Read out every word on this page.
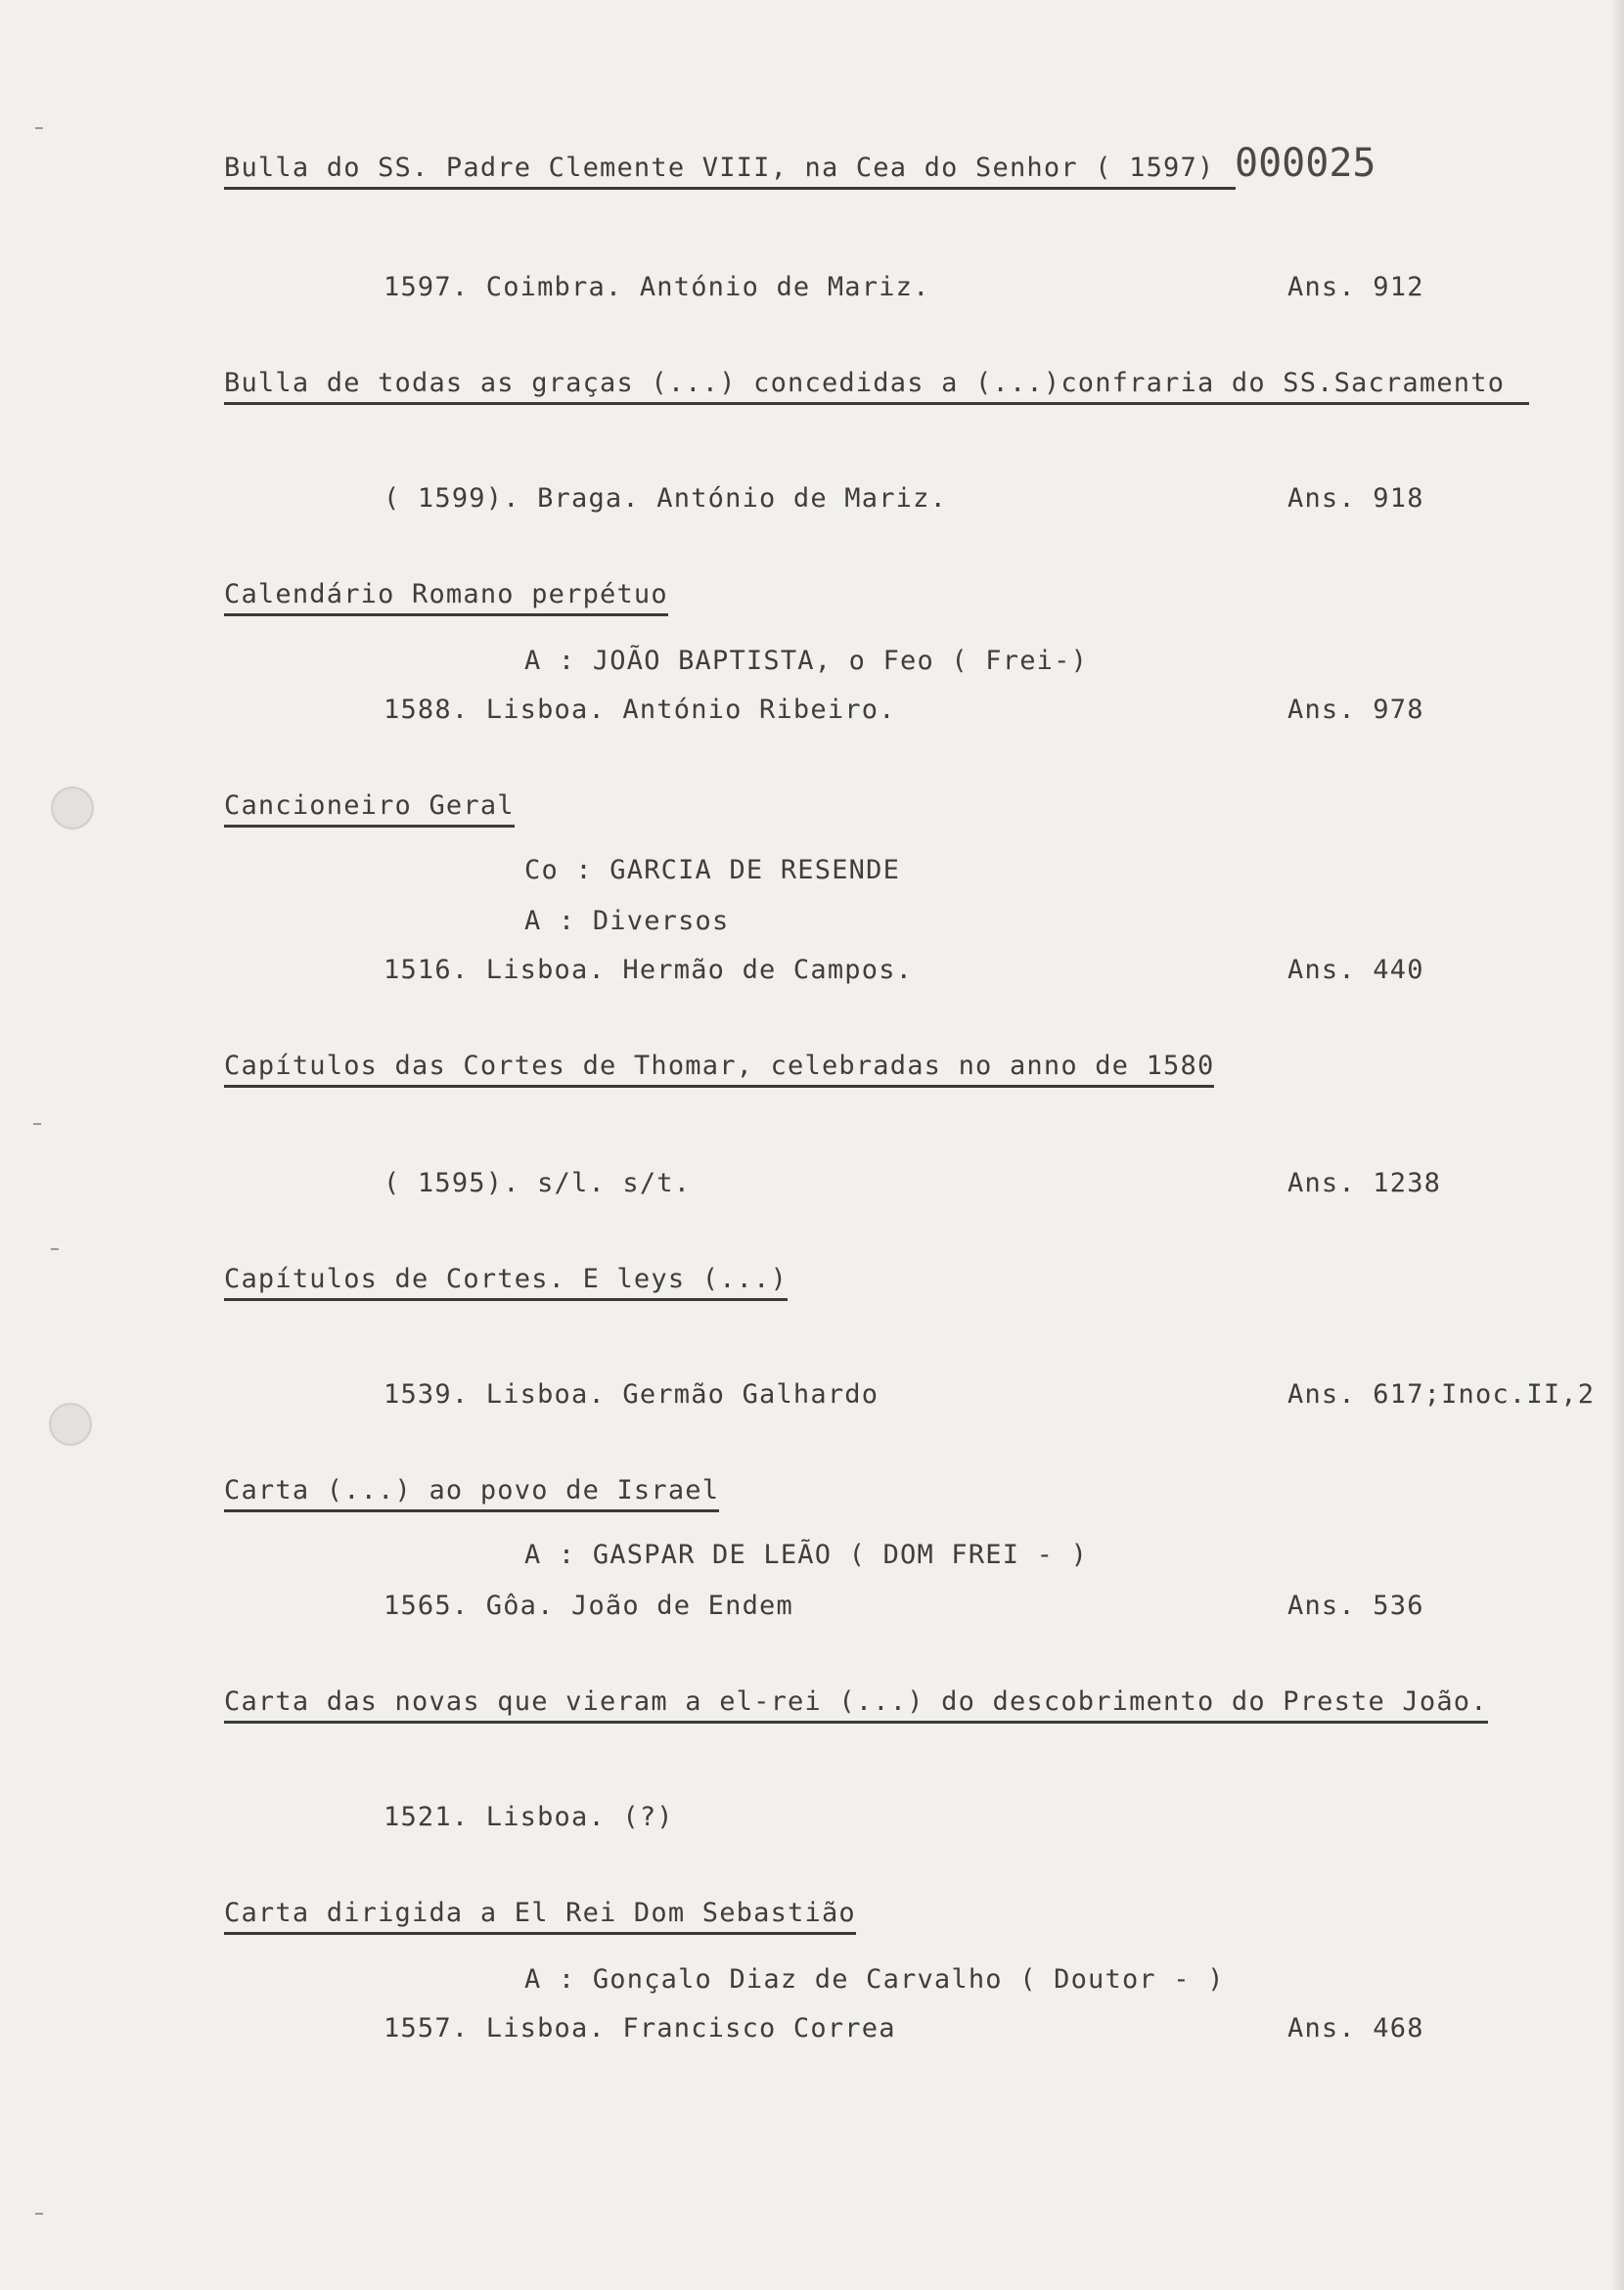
000025
Bulla do SS. Padre Clemente VIII, na Cea do Senhor ( 1597)
1597. Coimbra. António de Mariz.	Ans. 912
Bulla de todas as graças (...) concedidas a (...)confraria do SS.Sacramento
( 1599). Braga. António de Mariz.	Ans. 918
Calendário Romano perpétuo
A : JOÃO BAPTISTA, o Feo ( Frei-)
1588. Lisboa. António Ribeiro.	Ans. 978
Cancioneiro Geral
Co : GARCIA DE RESENDE
A : Diversos
1516. Lisboa. Hermão de Campos.	Ans. 440
Capítulos das Cortes de Thomar, celebradas no anno de 1580
( 1595). s/l. s/t.	Ans. 1238
Capítulos de Cortes. E leys (...)
1539. Lisboa. Germão Galhardo	Ans. 617;Inoc.II,2
Carta (...) ao povo de Israel
A : GASPAR DE LEÃO ( DOM FREI - )
1565. Gôa. João de Endem	Ans. 536
Carta das novas que vieram a el-rei (...) do descobrimento do Preste João.
1521. Lisboa. (?)
Carta dirigida a El Rei Dom Sebastião
A : Gonçalo Diaz de Carvalho ( Doutor - )
1557. Lisboa. Francisco Correa	Ans. 468
